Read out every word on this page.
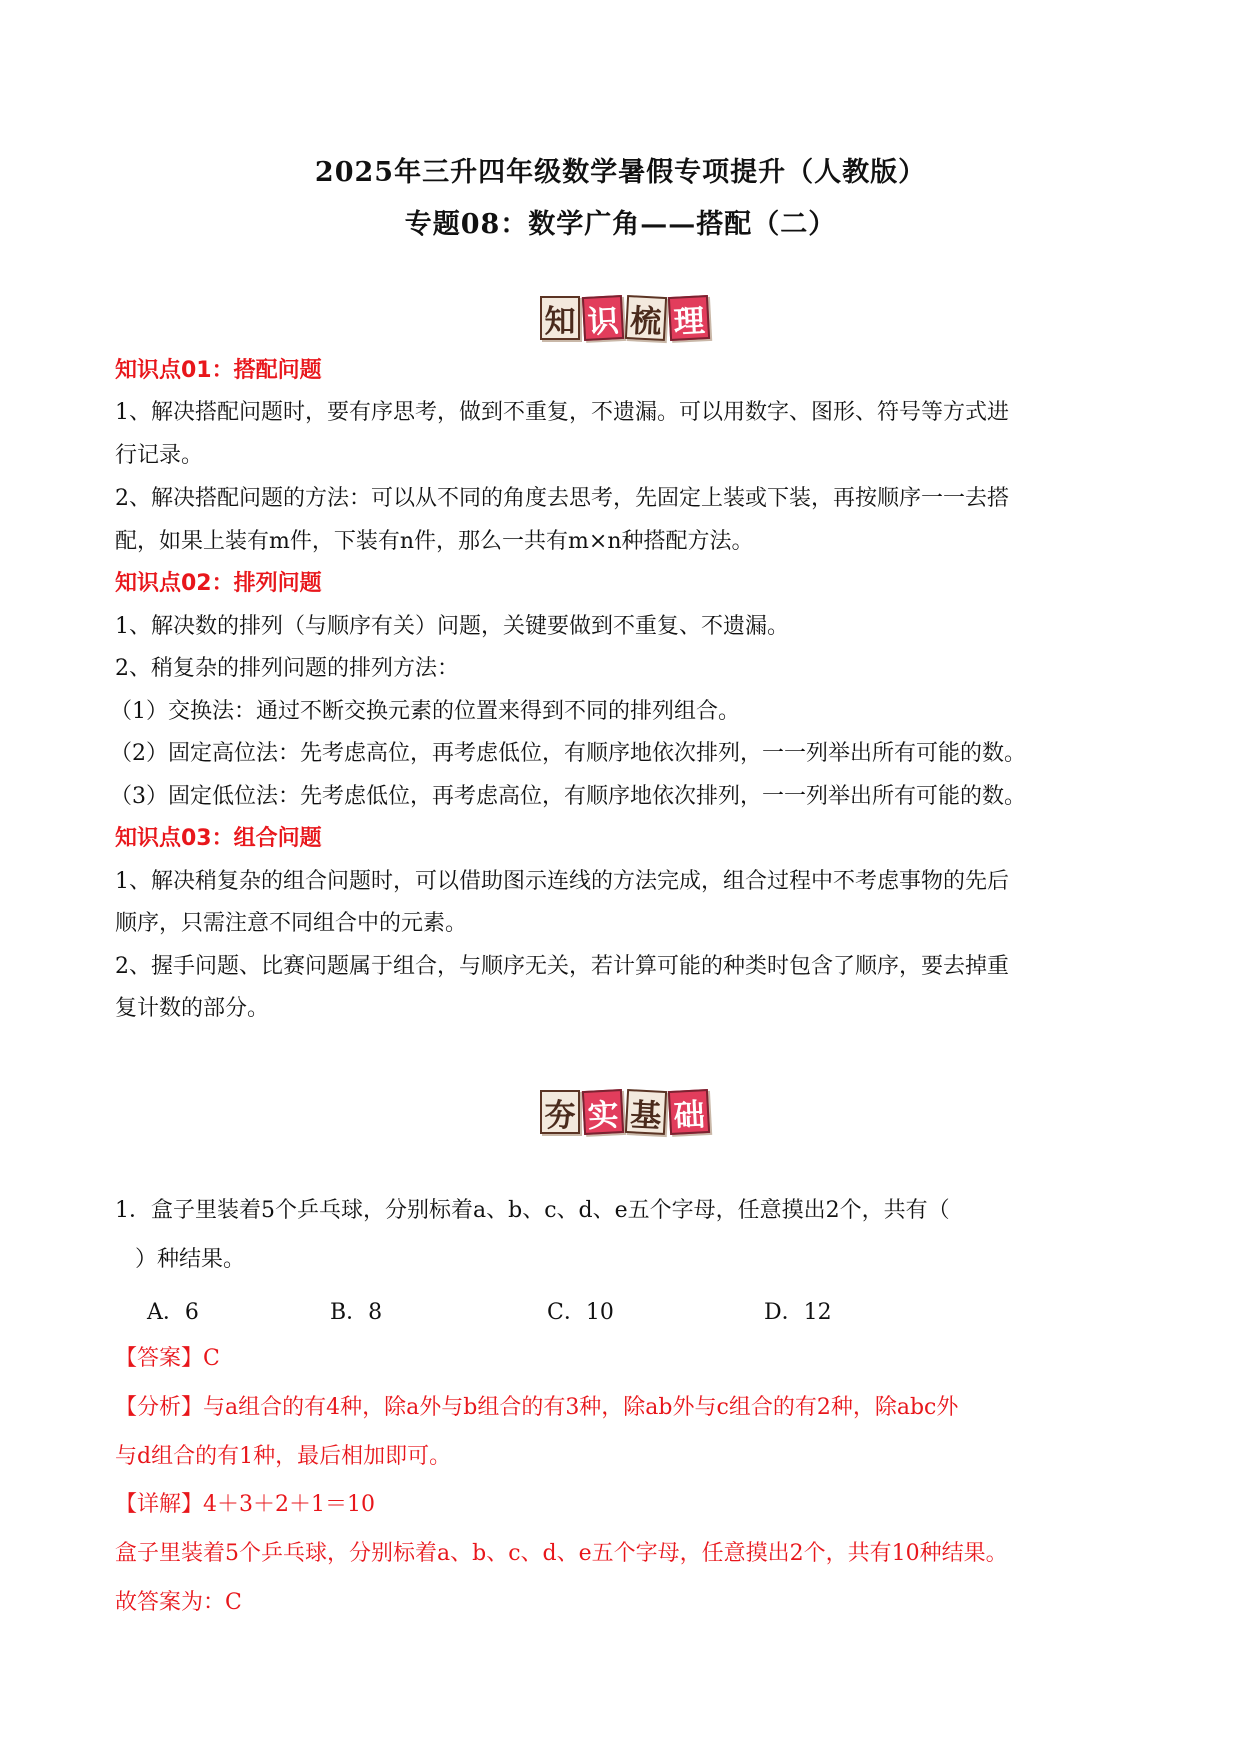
2025年三升四年级数学暑假专项提升（人教版）
专题08：数学广角——搭配（二）
知 识 梳 理
知识点01：搭配问题
1、解决搭配问题时，要有序思考，做到不重复，不遗漏。可以用数字、图形、符号等方式进
行记录。
2、解决搭配问题的方法：可以从不同的角度去思考，先固定上装或下装，再按顺序一一去搭
配，如果上装有m件，下装有n件，那么一共有m×n种搭配方法。
知识点02：排列问题
1、解决数的排列（与顺序有关）问题，关键要做到不重复、不遗漏。
2、稍复杂的排列问题的排列方法：
（1）交换法：通过不断交换元素的位置来得到不同的排列组合。
（2）固定高位法：先考虑高位，再考虑低位，有顺序地依次排列，一一列举出所有可能的数。
（3）固定低位法：先考虑低位，再考虑高位，有顺序地依次排列，一一列举出所有可能的数。
知识点03：组合问题
1、解决稍复杂的组合问题时，可以借助图示连线的方法完成，组合过程中不考虑事物的先后
顺序，只需注意不同组合中的元素。
2、握手问题、比赛问题属于组合，与顺序无关，若计算可能的种类时包含了顺序，要去掉重
复计数的部分。
夯 实 基 础
1．盒子里装着5个乒乓球，分别标着a、b、c、d、e五个字母，任意摸出2个，共有（
）种结果。
A．6	B．8	C．10	D．12
【答案】C
【分析】与a组合的有4种，除a外与b组合的有3种，除ab外与c组合的有2种，除abc外
与d组合的有1种，最后相加即可。
【详解】4＋3＋2＋1＝10
盒子里装着5个乒乓球，分别标着a、b、c、d、e五个字母，任意摸出2个，共有10种结果。
故答案为：C
